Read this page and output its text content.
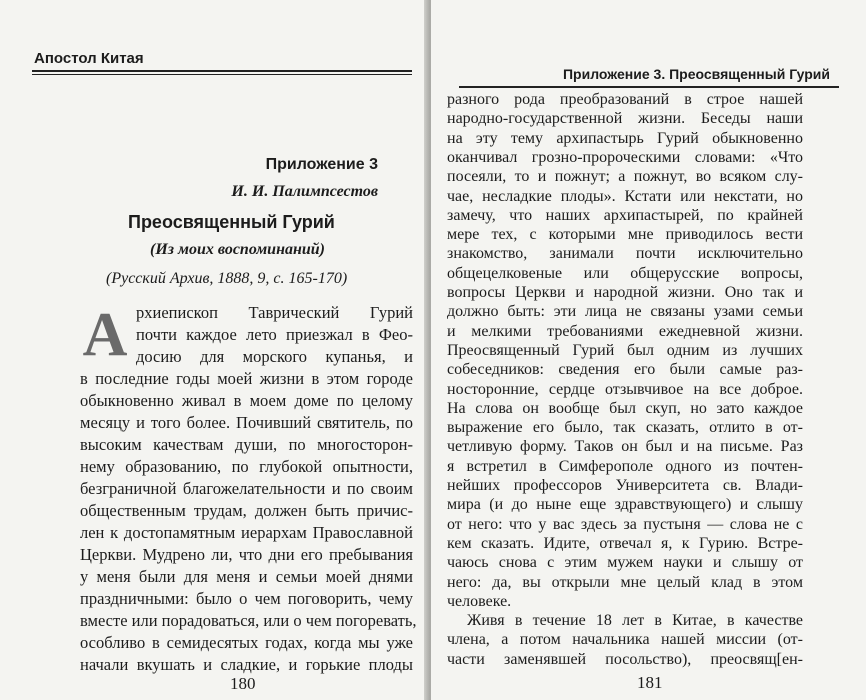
Апостол Китая
Приложение 3
И. И. Палимпсестов
Преосвященный Гурий
(Из моих воспоминаний)
(Русский Архив, 1888, 9, с. 165-170)
А рхиепископ Таврический Гурий
почти каждое лето приезжал в Фео-
досию для морского купанья, и
в последние годы моей жизни в этом городе
обыкновенно живал в моем доме по целому
месяцу и того более. Почивший святитель, по
высоким качествам души, по многосторон-
нему образованию, по глубокой опытности,
безграничной благожелательности и по своим
общественным трудам, должен быть причис-
лен к достопамятным иерархам Православной
Церкви. Мудрено ли, что дни его пребывания
у меня были для меня и семьи моей днями
праздничными: было о чем поговорить, чему
вместе или порадоваться, или о чем погоревать,
особливо в семидесятых годах, когда мы уже
начали вкушать и сладкие, и горькие плоды
180
Приложение 3. Преосвященный Гурий
разного рода преобразований в строе нашей
народно-государственной жизни. Беседы наши
на эту тему архипастырь Гурий обыкновенно
оканчивал грозно-пророческими словами: «Что
посеяли, то и пожнут; а пожнут, во всяком слу-
чае, несладкие плоды». Кстати или некстати, но
замечу, что наших архипастырей, по крайней
мере тех, с которыми мне приводилось вести
знакомство, занимали почти исключительно
общецелковеные или общерусские вопросы,
вопросы Церкви и народной жизни. Оно так и
должно быть: эти лица не связаны узами семьи
и мелкими требованиями ежедневной жизни.
Преосвященный Гурий был одним из лучших
собеседников: сведения его были самые раз-
носторонние, сердце отзывчивое на все доброе.
На слова он вообще был скуп, но зато каждое
выражение его было, так сказать, отлито в от-
четливую форму. Таков он был и на письме. Раз
я встретил в Симферополе одного из почтен-
нейших профессоров Университета св. Влади-
мира (и до ныне еще здравствующего) и слышу
от него: что у вас здесь за пустыня — слова не с
кем сказать. Идите, отвечал я, к Гурию. Встре-
чаюсь снова с этим мужем науки и слышу от
него: да, вы открыли мне целый клад в этом
человеке.
Живя в течение 18 лет в Китае, в качестве
члена, а потом начальника нашей миссии (от-
части заменявшей посольство), преосвящ[ен-
181
